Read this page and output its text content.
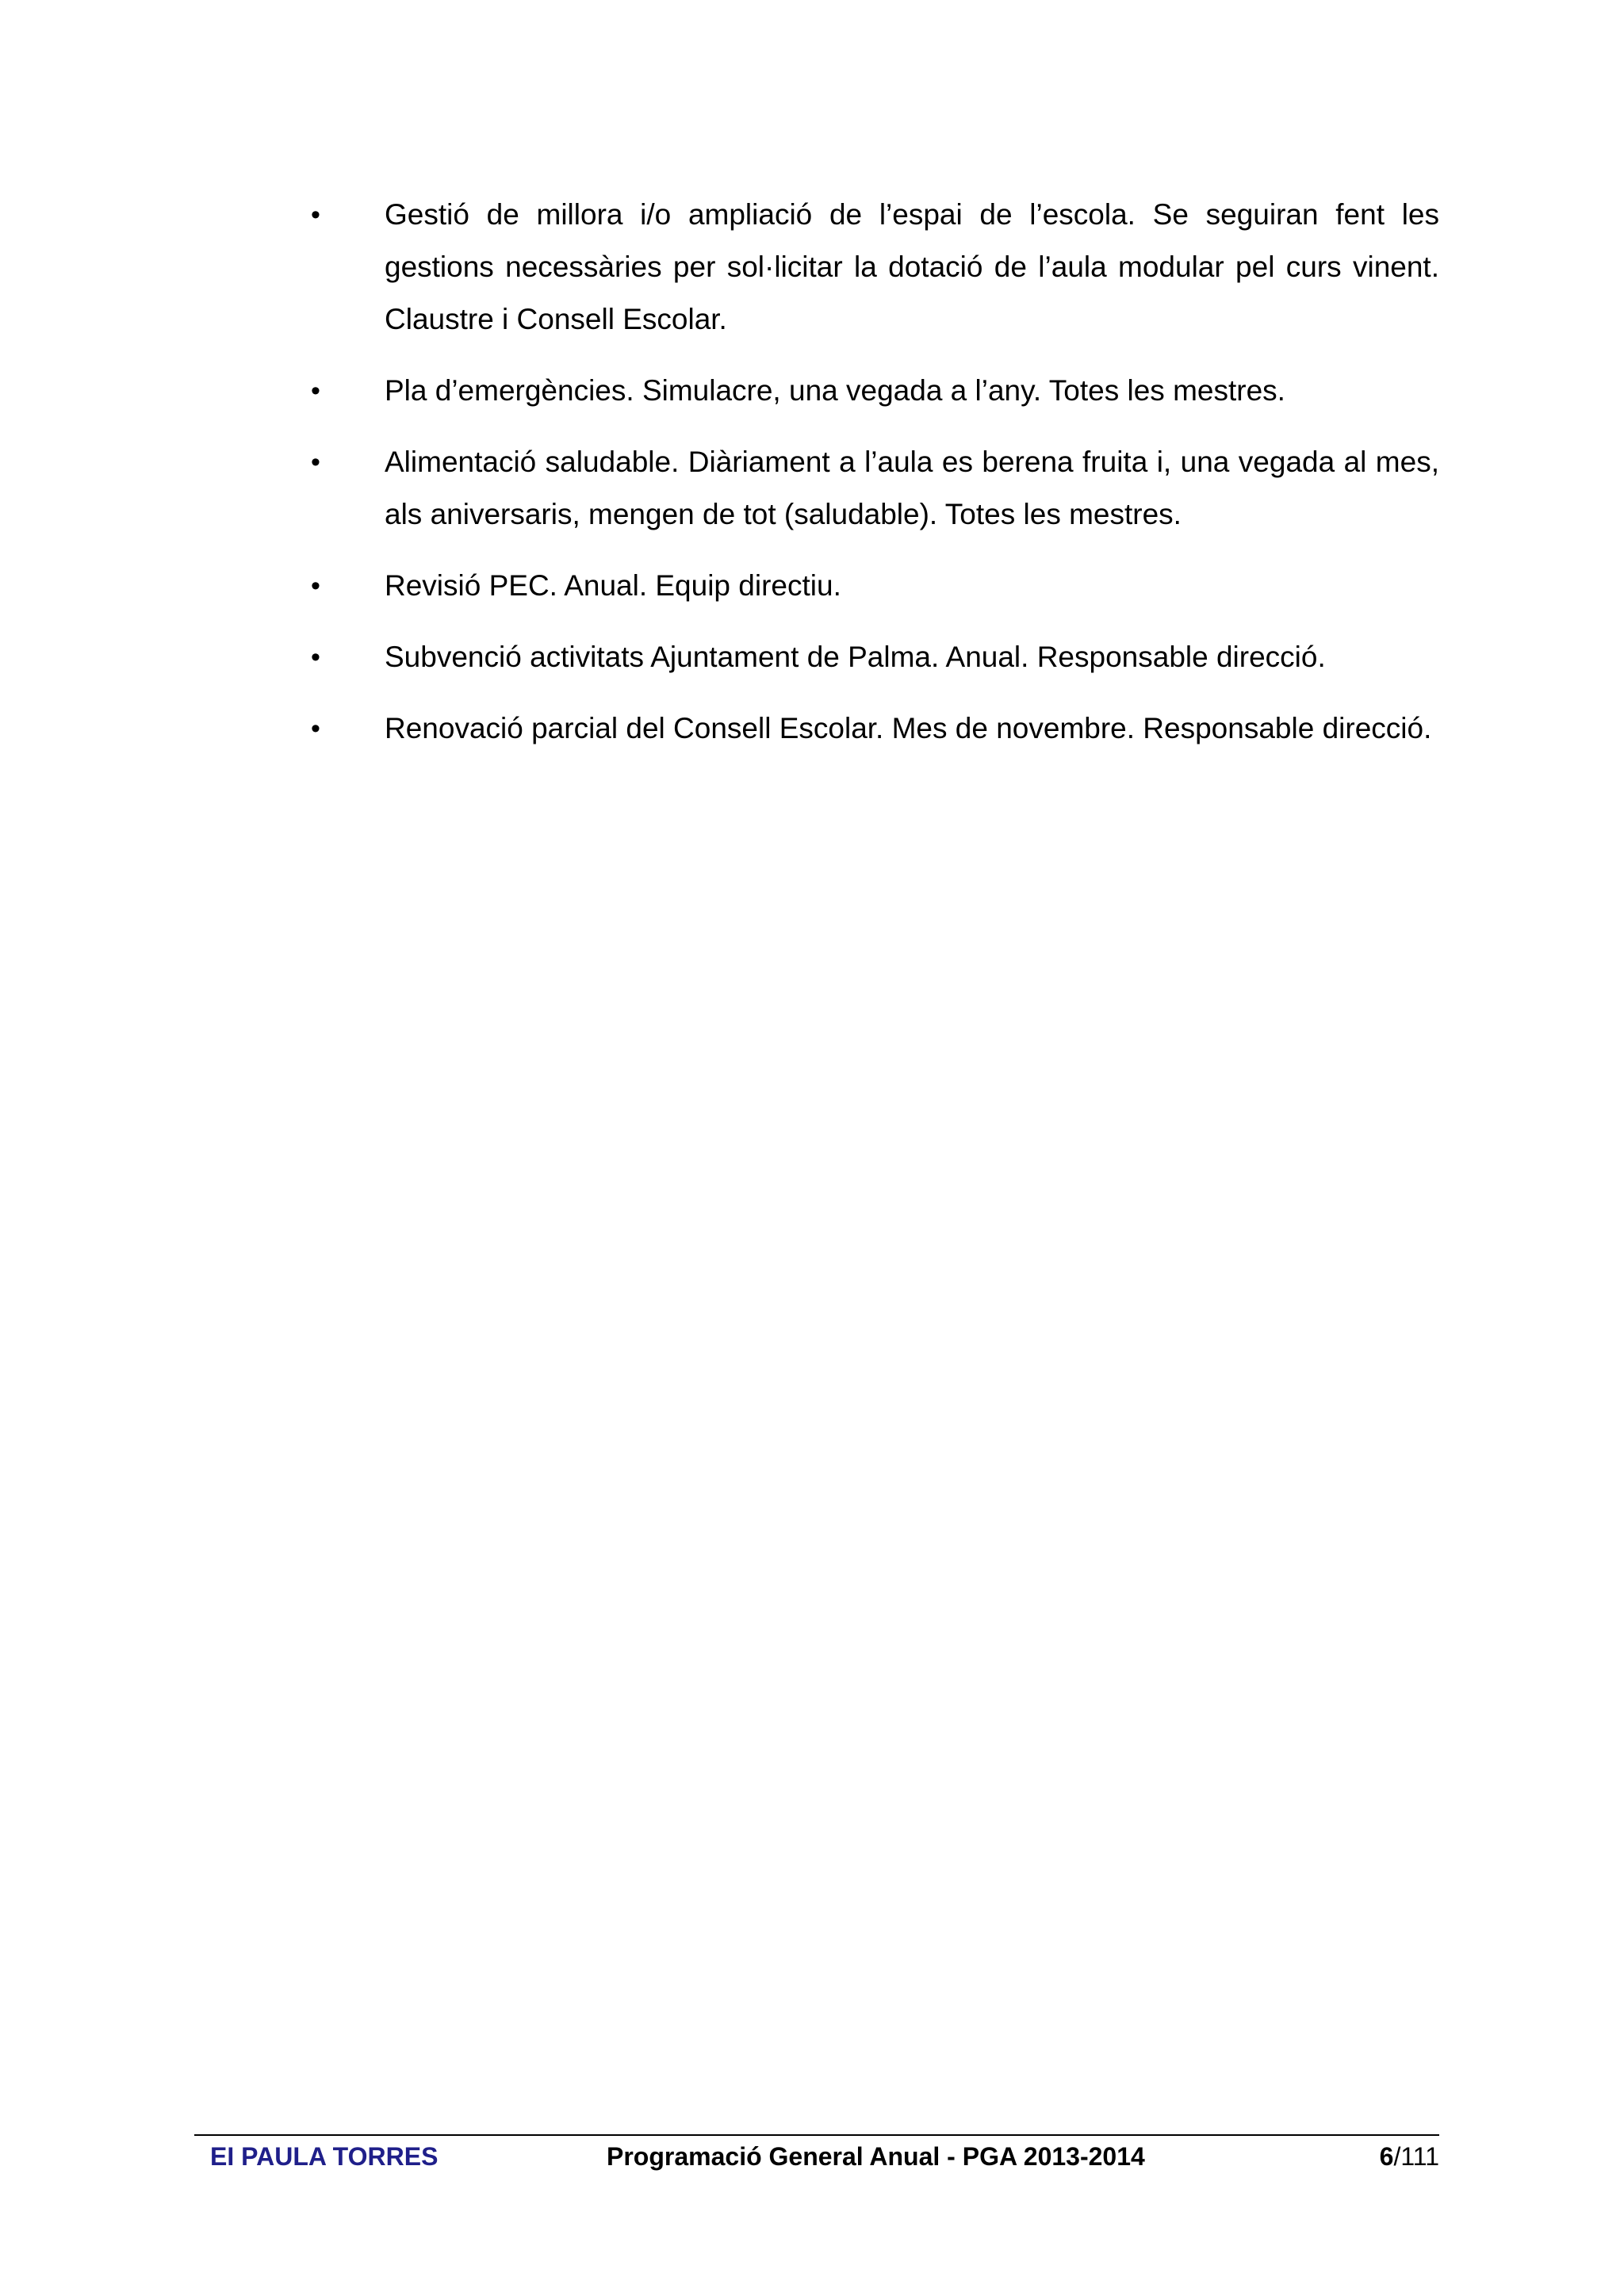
• Gestió de millora i/o ampliació de l’espai de l’escola. Se seguiran fent les gestions necessàries per sol·licitar la dotació de l’aula modular pel curs vinent. Claustre i Consell Escolar.
• Pla d’emergències. Simulacre, una vegada a l’any. Totes les mestres.
• Alimentació saludable. Diàriament a l’aula es berena fruita i, una vegada al mes, als aniversaris, mengen de tot (saludable). Totes les mestres.
• Revisió PEC. Anual. Equip directiu.
• Subvenció activitats Ajuntament de Palma. Anual. Responsable direcció.
• Renovació parcial del Consell Escolar. Mes de novembre. Responsable direcció.
EI PAULA TORRES	Programació General Anual - PGA 2013-2014	6/111
